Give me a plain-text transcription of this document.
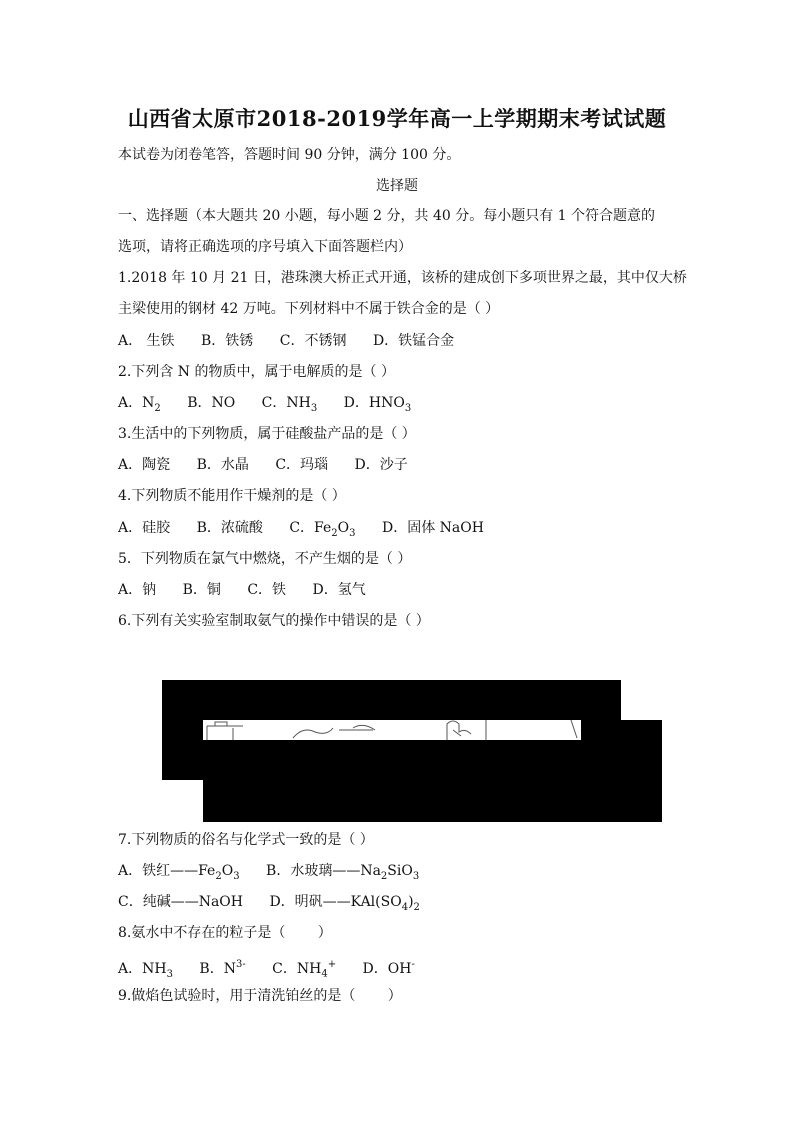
山西省太原市2018-2019学年高一上学期期末考试试题
本试卷为闭卷笔答，答题时间 90 分钟，满分 100 分。
选择题
一、选择题（本大题共 20 小题，每小题 2 分，共 40 分。每小题只有 1 个符合题意的
选项，请将正确选项的序号填入下面答题栏内）
1.2018 年 10 月 21 日，港珠澳大桥正式开通，该桥的建成创下多项世界之最，其中仅大桥
主梁使用的钢材 42 万吨。下列材料中不属于铁合金的是（ ）
A． 生铁 B．铁锈 C．不锈钢 D．铁锰合金
2.下列含 N 的物质中，属于电解质的是（ ）
A．$N_2$ B．NO C．$NH_3$ D．$HNO_3$
3.生活中的下列物质，属于硅酸盐产品的是（ ）
A．陶瓷 B．水晶 C．玛瑙 D．沙子
4.下列物质不能用作干燥剂的是（ ）
A．硅胶 B．浓硫酸 C．$Fe_2O_3$ D．固体 NaOH
5．下列物质在氯气中燃烧，不产生烟的是（ ）
A．钠 B．铜 C．铁 D．氢气
6.下列有关实验室制取氨气的操作中错误的是（ ）
7.下列物质的俗名与化学式一致的是（ ）
A．铁红$——Fe_2O_3$ B．水玻璃$——Na_2SiO_3$
C．纯碱——NaOH D．明矾$——KAl(SO_4)_2$
8.氨水中不存在的粒子是（ 　　）
A．$NH_3$ B．$N^{3-}$ C．$NH_4^+$ D．OH-
9.做焰色试验时，用于清洗铂丝的是（ 　　）
